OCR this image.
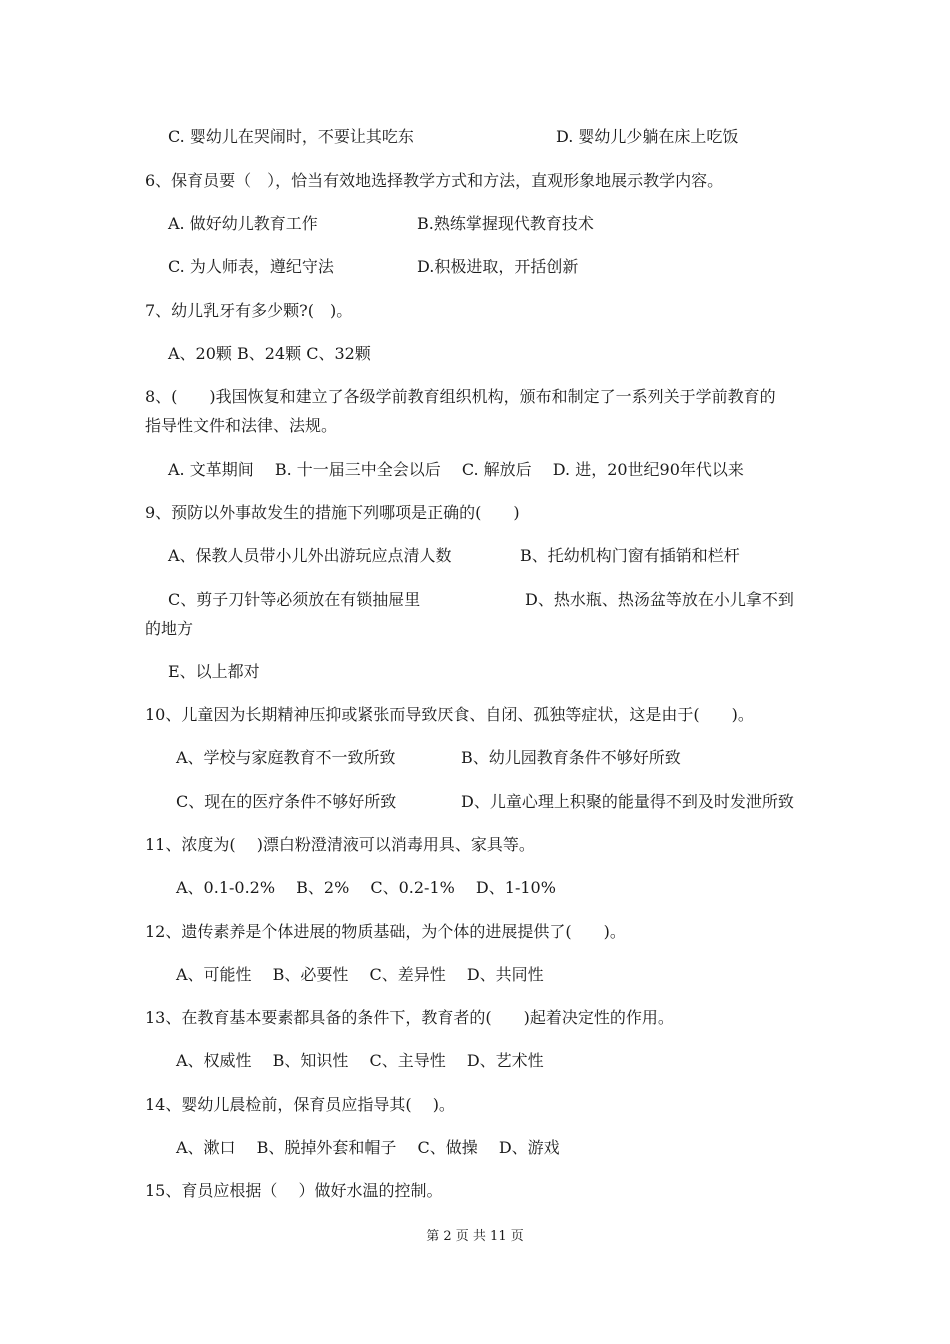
C. 婴幼儿在哭闹时，不要让其吃东	D. 婴幼儿少躺在床上吃饭
6、保育员要（　），恰当有效地选择教学方式和方法，直观形象地展示教学内容。
A. 做好幼儿教育工作	B.熟练掌握现代教育技术
C. 为人师表，遵纪守法	D.积极进取，开括创新
7、幼儿乳牙有多少颗?(　)。
A、20颗 B、24颗 C、32颗
8、(　　)我国恢复和建立了各级学前教育组织机构，颁布和制定了一系列关于学前教育的
指导性文件和法律、法规。
A. 文革期间　 B. 十一届三中全会以后　 C. 解放后　 D. 进，20世纪90年代以来
9、预防以外事故发生的措施下列哪项是正确的(　　)
A、保教人员带小儿外出游玩应点清人数	B、托幼机构门窗有插销和栏杆
C、剪子刀针等必须放在有锁抽屉里	D、热水瓶、热汤盆等放在小儿拿不到
的地方
E、以上都对
10、儿童因为长期精神压抑或紧张而导致厌食、自闭、孤独等症状，这是由于(　　)。
A、学校与家庭教育不一致所致	B、幼儿园教育条件不够好所致
C、现在的医疗条件不够好所致	D、儿童心理上积聚的能量得不到及时发泄所致
11、浓度为(　 )漂白粉澄清液可以消毒用具、家具等。
A、0.1-0.2%　 B、2%　 C、0.2-1%　 D、1-10%
12、遗传素养是个体进展的物质基础，为个体的进展提供了(　　)。
A、可能性　 B、必要性　 C、差异性　 D、共同性
13、在教育基本要素都具备的条件下，教育者的(　　)起着决定性的作用。
A、权威性　 B、知识性　 C、主导性　 D、艺术性
14、婴幼儿晨检前，保育员应指导其(　 )。
A、漱口　 B、脱掉外套和帽子　 C、做操　 D、游戏
15、育员应根据（　 ）做好水温的控制。
第 2 页 共 11 页
